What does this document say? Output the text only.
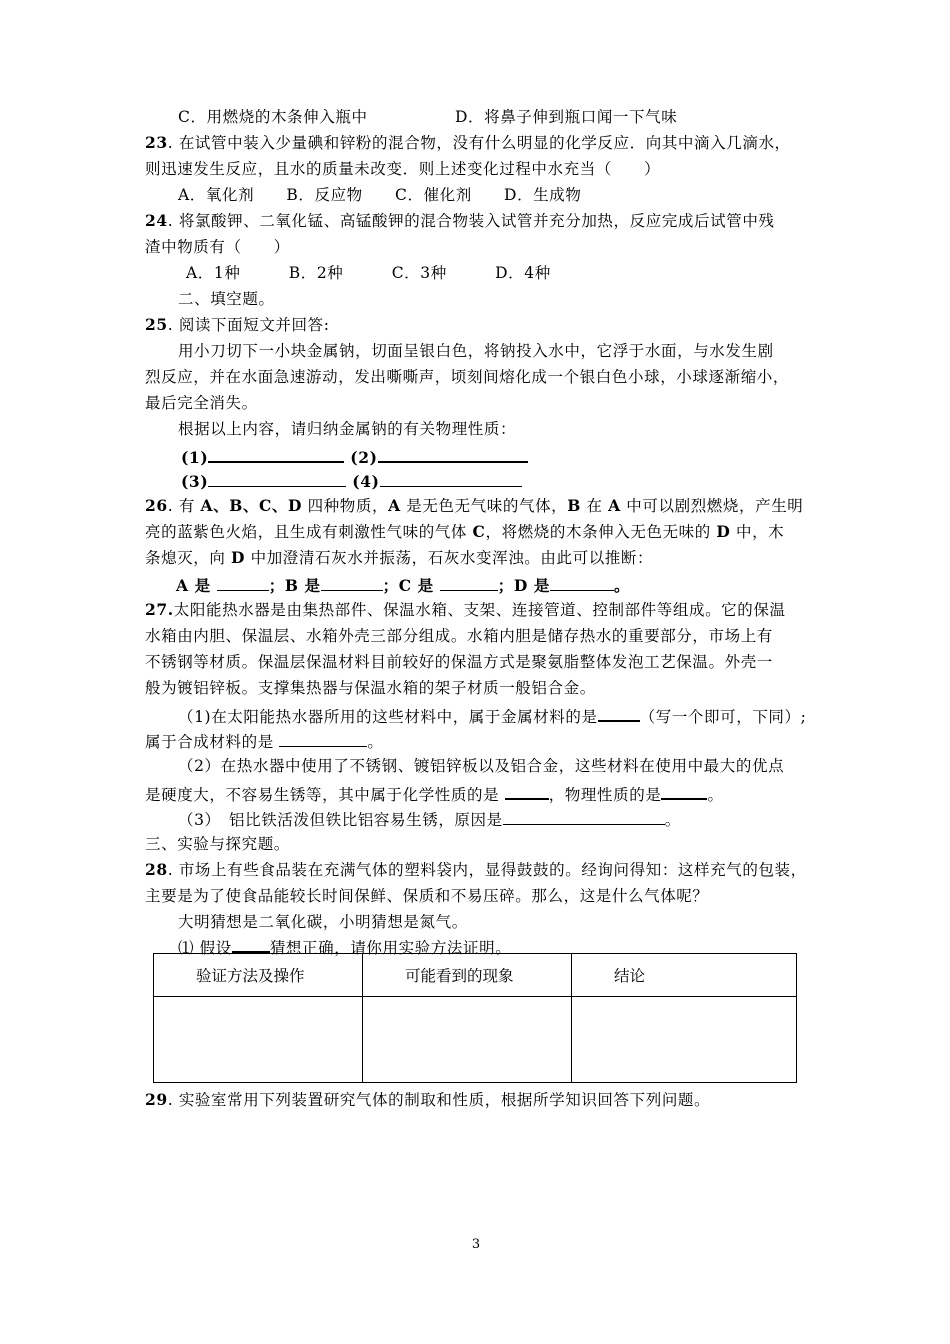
C．用燃烧的木条伸入瓶中	D．将鼻子伸到瓶口闻一下气味
23. 在试管中装入少量碘和锌粉的混合物，没有什么明显的化学反应．向其中滴入几滴水，
则迅速发生反应，且水的质量未改变．则上述变化过程中水充当（　　）
A．氧化剂　　B．反应物　　C．催化剂　　D．生成物
24. 将氯酸钾、二氧化锰、高锰酸钾的混合物装入试管并充分加热，反应完成后试管中残
渣中物质有（　　）
A．1种　　　B．2种　　　C．3种　　　D．4种
二、填空题。
25. 阅读下面短文并回答:
用小刀切下一小块金属钠，切面呈银白色，将钠投入水中，它浮于水面，与水发生剧
烈反应，并在水面急速游动，发出嘶嘶声，顷刻间熔化成一个银白色小球，小球逐渐缩小，
最后完全消失。
根据以上内容，请归纳金属钠的有关物理性质：
(1)	(2)
(3)	(4)
26. 有 A、B、C、D 四种物质，A 是无色无气味的气体，B 在 A 中可以剧烈燃烧，产生明
亮的蓝紫色火焰，且生成有刺激性气味的气体 C，将燃烧的木条伸入无色无味的 D 中，木
条熄灭，向 D 中加澄清石灰水并振荡，石灰水变浑浊。由此可以推断：
A 是	；B 是	；C 是	；D 是	。
27.太阳能热水器是由集热部件、保温水箱、支架、连接管道、控制部件等组成。它的保温
水箱由内胆、保温层、水箱外壳三部分组成。水箱内胆是储存热水的重要部分，市场上有
不锈钢等材质。保温层保温材料目前较好的保温方式是聚氨脂整体发泡工艺保温。外壳一
般为镀铝锌板。支撑集热器与保温水箱的架子材质一般铝合金。
（1)在太阳能热水器所用的这些材料中，属于金属材料的是	（写一个即可，下同）;
属于合成材料的是	。
（2）在热水器中使用了不锈钢、镀铝锌板以及铝合金，这些材料在使用中最大的优点
是硬度大，不容易生锈等，其中属于化学性质的是	，物理性质的是	。
（3）　铝比铁活泼但铁比铝容易生锈，原因是	。
三、实验与探究题。
28. 市场上有些食品装在充满气体的塑料袋内，显得鼓鼓的。经询问得知：这样充气的包装，
主要是为了使食品能较长时间保鲜、保质和不易压碎。那么，这是什么气体呢？
大明猜想是二氧化碳，小明猜想是氮气。
⑴ 假设 猜想正确，请你用实验方法证明。
验证方法及操作	可能看到的现象	结论

29. 实验室常用下列装置研究气体的制取和性质，根据所学知识回答下列问题。
3
